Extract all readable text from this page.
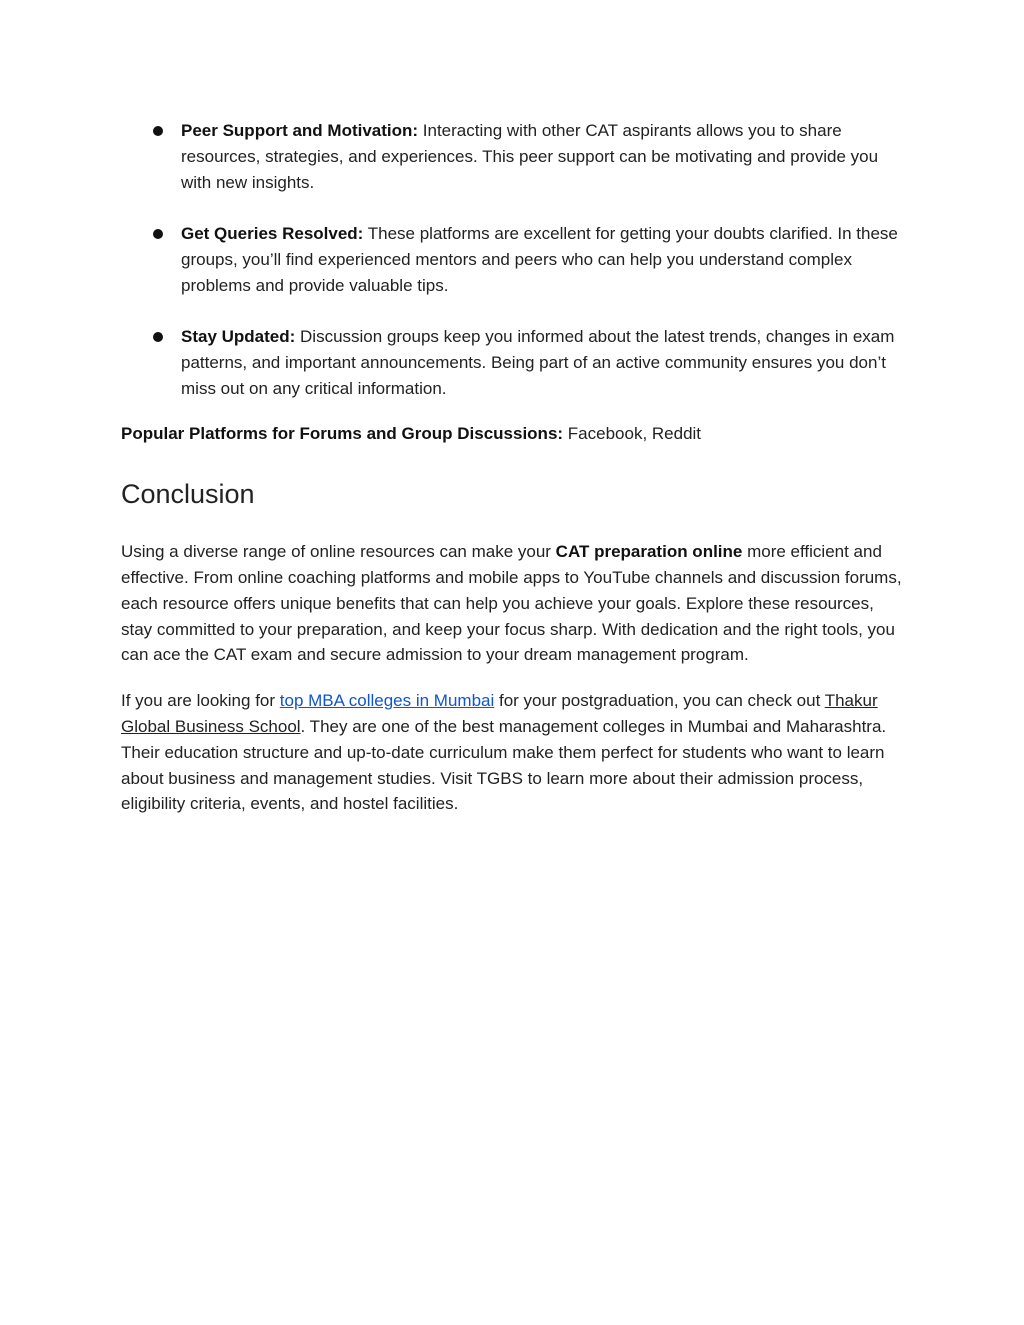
Peer Support and Motivation: Interacting with other CAT aspirants allows you to share resources, strategies, and experiences. This peer support can be motivating and provide you with new insights.
Get Queries Resolved: These platforms are excellent for getting your doubts clarified. In these groups, you’ll find experienced mentors and peers who can help you understand complex problems and provide valuable tips.
Stay Updated: Discussion groups keep you informed about the latest trends, changes in exam patterns, and important announcements. Being part of an active community ensures you don’t miss out on any critical information.

Popular Platforms for Forums and Group Discussions: Facebook, Reddit

Conclusion

Using a diverse range of online resources can make your CAT preparation online more efficient and effective. From online coaching platforms and mobile apps to YouTube channels and discussion forums, each resource offers unique benefits that can help you achieve your goals. Explore these resources, stay committed to your preparation, and keep your focus sharp. With dedication and the right tools, you can ace the CAT exam and secure admission to your dream management program.

If you are looking for top MBA colleges in Mumbai for your postgraduation, you can check out Thakur Global Business School. They are one of the best management colleges in Mumbai and Maharashtra. Their education structure and up-to-date curriculum make them perfect for students who want to learn about business and management studies. Visit TGBS to learn more about their admission process, eligibility criteria, events, and hostel facilities.
